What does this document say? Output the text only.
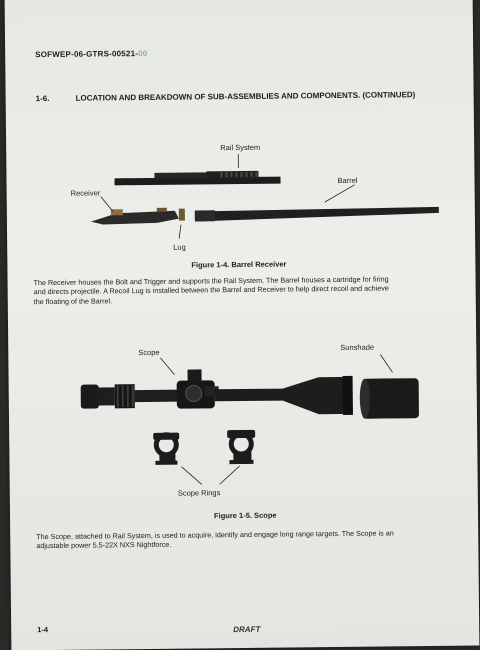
SOFWEP-06-GTRS-00521-00

1-6.	LOCATION AND BREAKDOWN OF SUB-ASSEMBLIES AND COMPONENTS. (CONTINUED)

Rail System
Barrel
Receiver
Lug

Figure 1-4. Barrel Receiver

The Receiver houses the Bolt and Trigger and supports the Rail System. The Barrel houses a cartridge for firing
and directs projectile. A Recoil Lug is installed between the Barrel and Receiver to help direct recoil and achieve
the floating of the Barrel.
Scope
Sunshade
Scope Rings

Figure 1-5. Scope

The Scope, attached to Rail System, is used to acquire, identify and engage long range targets. The Scope is an
adjustable power 5.5-22X NXS Nightforce.

1-4	DRAFT
